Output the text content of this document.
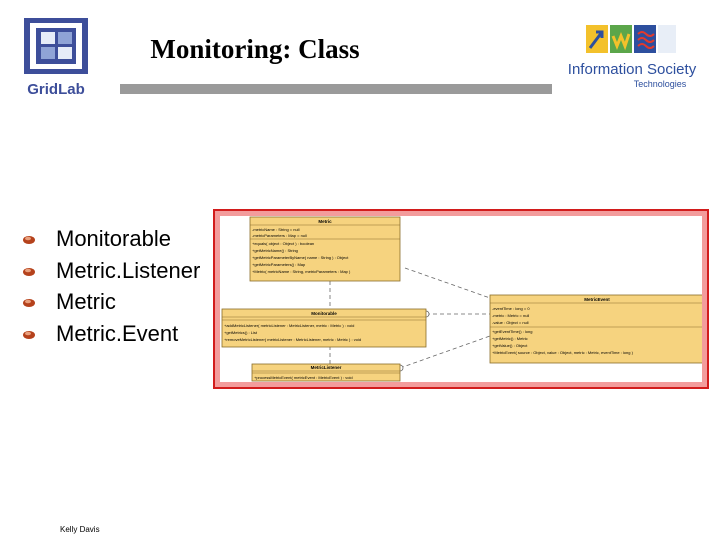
GridLab
Monitoring: Class
Information Society
Technologies
Monitorable
Metric.Listener
Metric
Metric.Event
Metric
-metricName : String = null
-metricParameters : Map = null
+equals( object : Object ) : boolean
+getMetricName() : String
+getMetricParameterByName( name : String ) : Object
+getMetricParameters() : Map
+Metric( metricName : String, metricParameters : Map )
Monitorable
+addMetricListener( metricListener : MetricListener, metric : Metric ) : void
+getMetrics() : List
+removeMetricListener( metricListener : MetricListener, metric : Metric ) : void
MetricListener
+processMetricEvent( metricEvent : MetricEvent ) : void
MetricEvent
-eventTime : long = 0
-metric : Metric = null
-value : Object = null
+getEventTime() : long
+getMetric() : Metric
+getValue() : Object
+MetricEvent( source : Object, value : Object, metric : Metric, eventTime : long )
Kelly Davis
